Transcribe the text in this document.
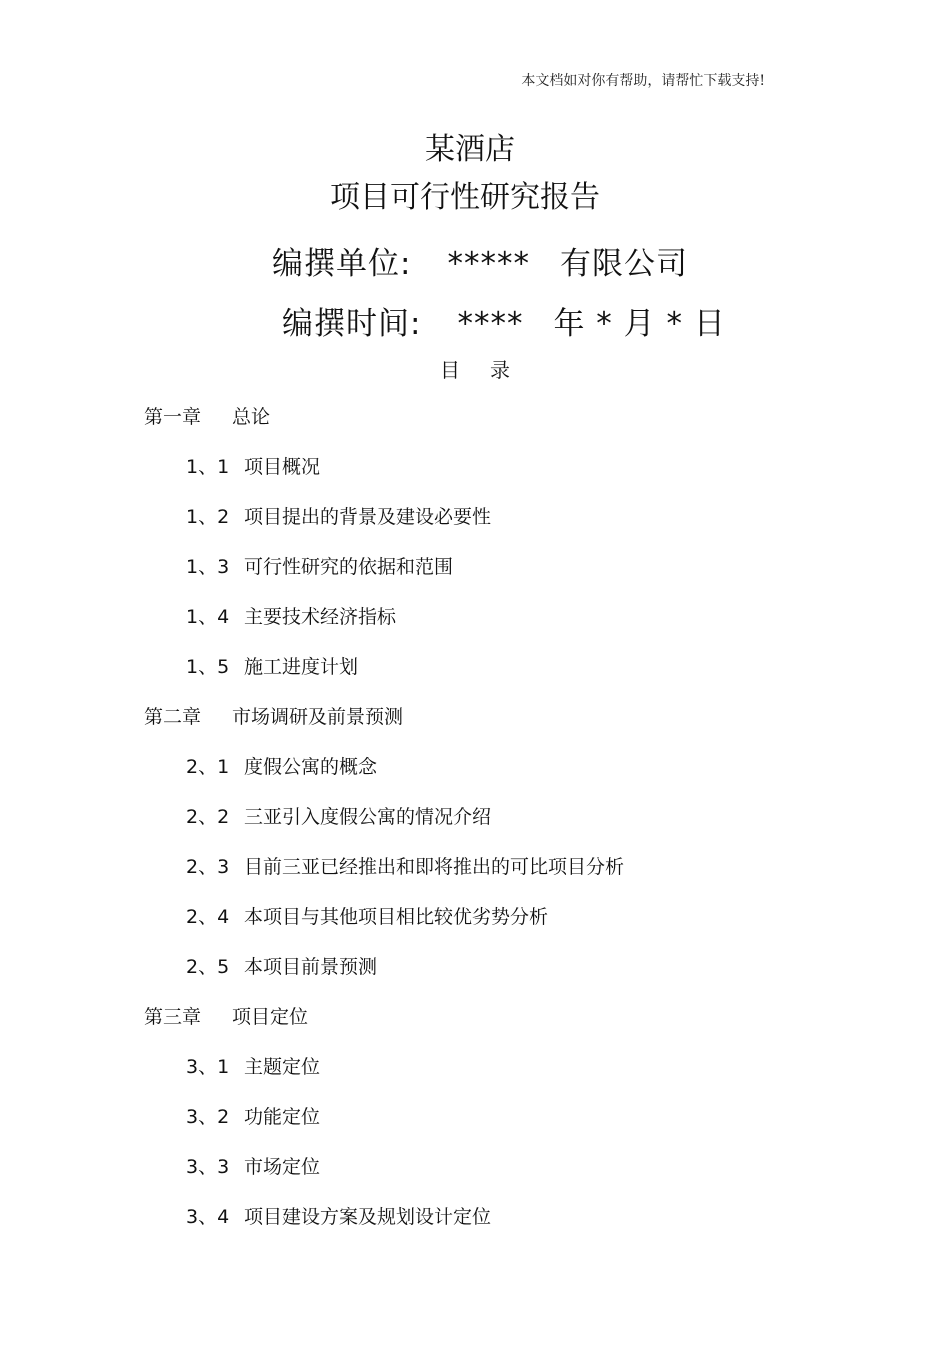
本文档如对你有帮助，请帮忙下载支持!
某酒店
项目可行性研究报告
编撰单位: ***** 有限公司
编撰时间: **** 年 * 月 * 日
目录
第一章 总论
1、1 项目概况
1、2 项目提出的背景及建设必要性
1、3 可行性研究的依据和范围
1、4 主要技术经济指标
1、5 施工进度计划
第二章 市场调研及前景预测
2、1 度假公寓的概念
2、2 三亚引入度假公寓的情况介绍
2、3 目前三亚已经推出和即将推出的可比项目分析
2、4 本项目与其他项目相比较优劣势分析
2、5 本项目前景预测
第三章 项目定位
3、1 主题定位
3、2 功能定位
3、3 市场定位
3、4 项目建设方案及规划设计定位
